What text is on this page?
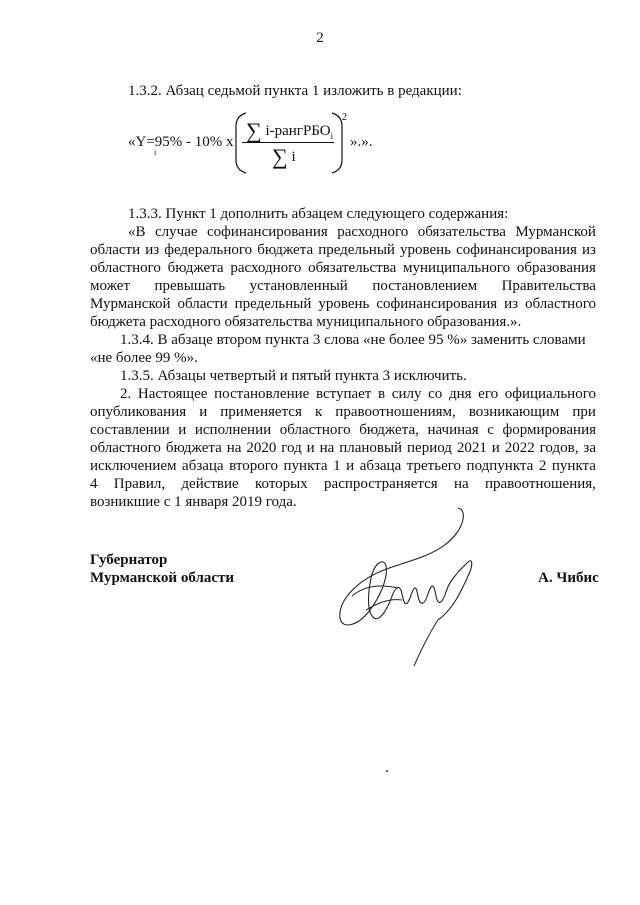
2
1.3.2. Абзац седьмой пункта 1 изложить в редакции:
«Y=95% - 10% x
i
∑ i-рангРБО$_i$
∑ i
2
».».
1.3.3. Пункт 1 дополнить абзацем следующего содержания:
«В случае софинансирования расходного обязательства Мурманской
области из федерального бюджета предельный уровень софинансирования из
областного бюджета расходного обязательства муниципального образования
может превышать установленный постановлением Правительства
Мурманской области предельный уровень софинансирования из областного
бюджета расходного обязательства муниципального образования.».
1.3.4. В абзаце втором пункта 3 слова «не более 95 %» заменить словами
«не более 99 %».
1.3.5. Абзацы четвертый и пятый пункта 3 исключить.
2. Настоящее постановление вступает в силу со дня его официального
опубликования и применяется к правоотношениям, возникающим при
составлении и исполнении областного бюджета, начиная с формирования
областного бюджета на 2020 год и на плановый период 2021 и 2022 годов, за
исключением абзаца второго пункта 1 и абзаца третьего подпункта 2 пункта
4 Правил, действие которых распространяется на правоотношения,
возникшие с 1 января 2019 года.
Губернатор
Мурманской области	А. Чибис
